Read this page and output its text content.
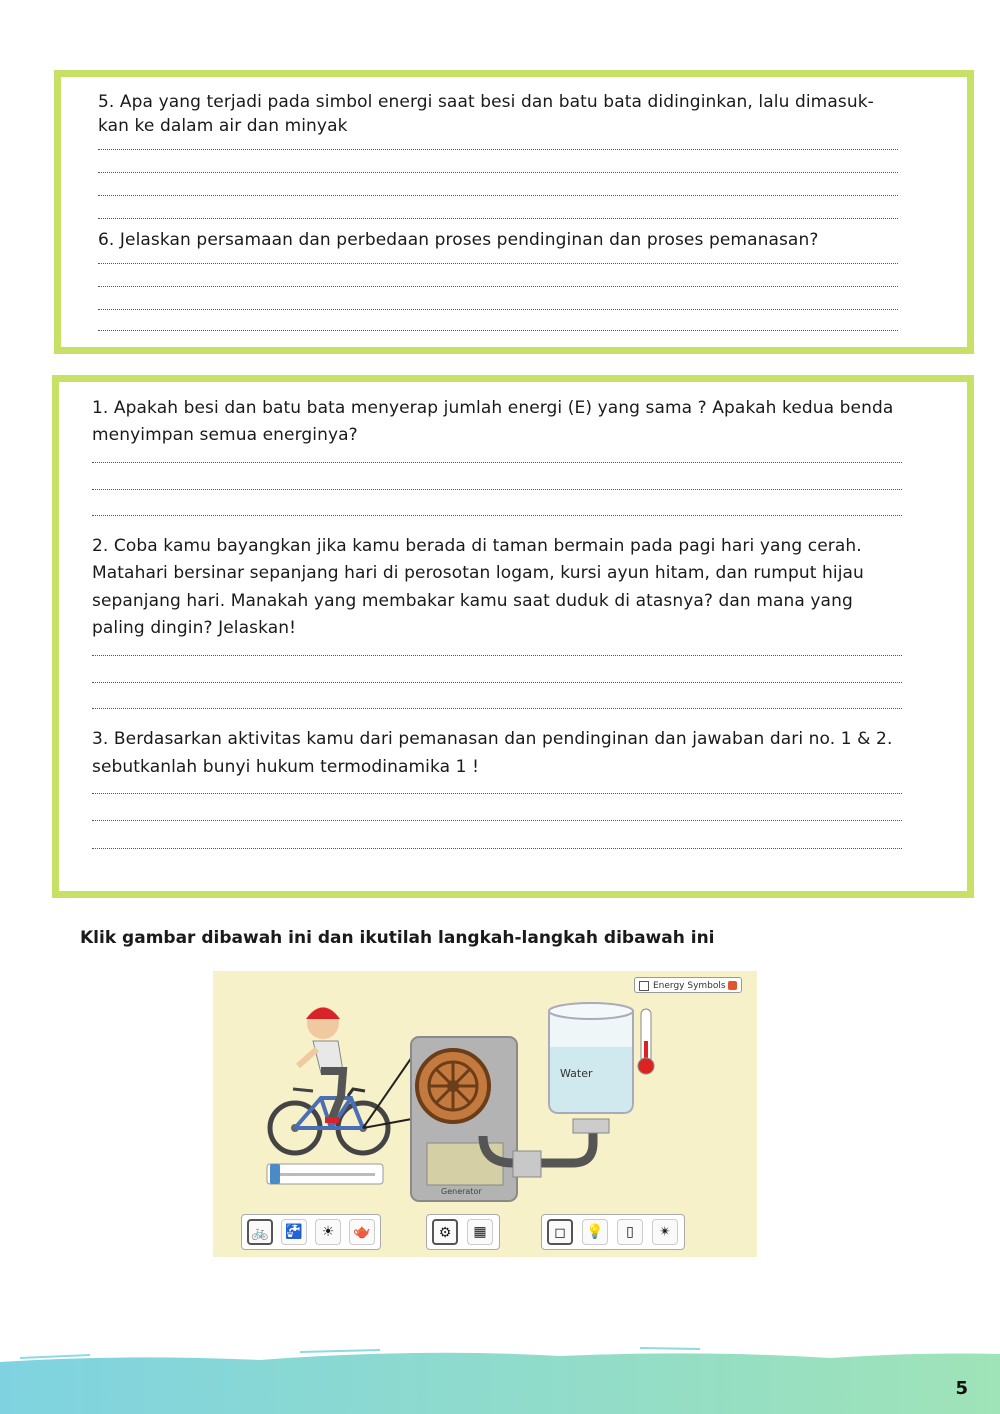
5. Apa yang terjadi pada simbol energi saat besi dan batu bata didinginkan, lalu dimasuk-
kan ke dalam air dan minyak
6. Jelaskan persamaan dan perbedaan proses pendinginan dan proses pemanasan?
1. Apakah besi dan batu bata menyerap jumlah energi (E) yang sama ? Apakah kedua benda
menyimpan semua energinya?
2. Coba kamu bayangkan jika kamu berada di taman bermain pada pagi hari yang cerah.
Matahari bersinar sepanjang hari di perosotan logam, kursi ayun hitam, dan rumput hijau
sepanjang hari. Manakah yang membakar kamu saat duduk di atasnya? dan mana yang
paling dingin? Jelaskan!
3. Berdasarkan aktivitas kamu dari pemanasan dan pendinginan dan jawaban dari no. 1 & 2.
sebutkanlah bunyi hukum termodinamika 1 !
Klik gambar dibawah ini dan ikutilah langkah-langkah dibawah ini
Energy Symbols
Water
Generator
🚲	🚰	☀	🫖	⚙	▦	◻	💡	▯	✴
5
